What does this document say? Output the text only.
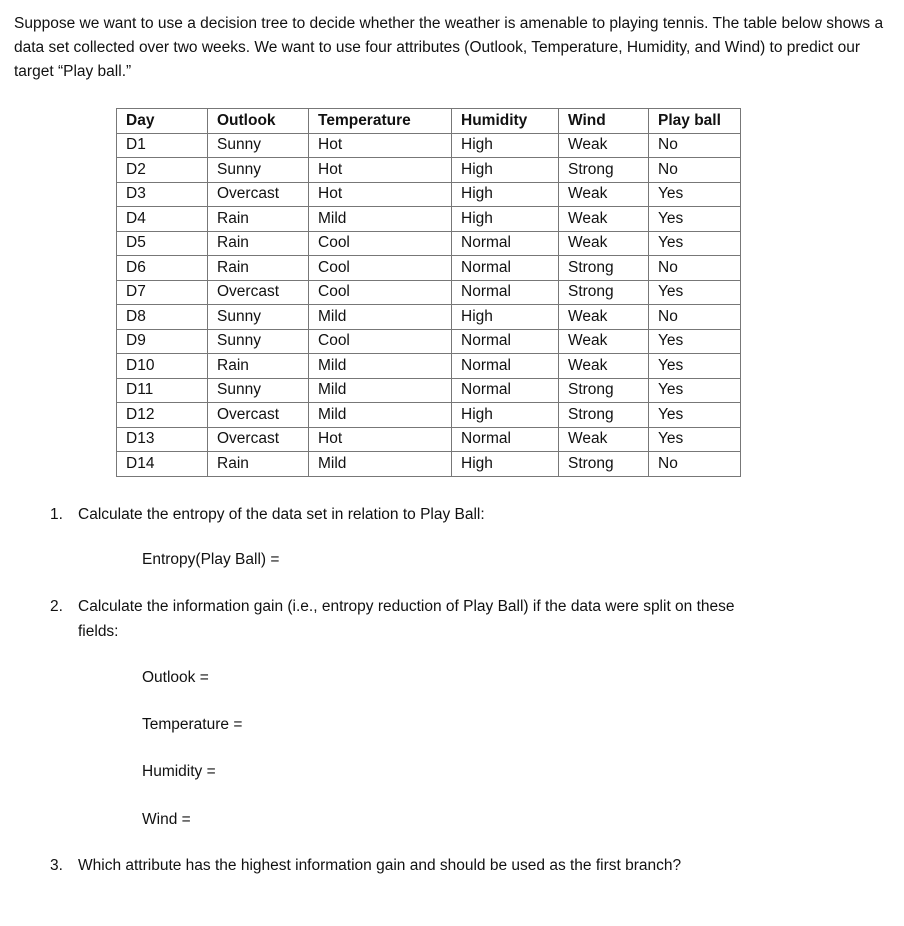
Suppose we want to use a decision tree to decide whether the weather is amenable to playing tennis. The table below shows a data set collected over two weeks. We want to use four attributes (Outlook, Temperature, Humidity, and Wind) to predict our target “Play ball.”
Day	Outlook	Temperature	Humidity	Wind	Play ball
D1	Sunny	Hot	High	Weak	No
D2	Sunny	Hot	High	Strong	No
D3	Overcast	Hot	High	Weak	Yes
D4	Rain	Mild	High	Weak	Yes
D5	Rain	Cool	Normal	Weak	Yes
D6	Rain	Cool	Normal	Strong	No
D7	Overcast	Cool	Normal	Strong	Yes
D8	Sunny	Mild	High	Weak	No
D9	Sunny	Cool	Normal	Weak	Yes
D10	Rain	Mild	Normal	Weak	Yes
D11	Sunny	Mild	Normal	Strong	Yes
D12	Overcast	Mild	High	Strong	Yes
D13	Overcast	Hot	Normal	Weak	Yes
D14	Rain	Mild	High	Strong	No
1. Calculate the entropy of the data set in relation to Play Ball:
Entropy(Play Ball) =
2. Calculate the information gain (i.e., entropy reduction of Play Ball) if the data were split on these
fields:
Outlook =
Temperature =
Humidity =
Wind =
3. Which attribute has the highest information gain and should be used as the first branch?
